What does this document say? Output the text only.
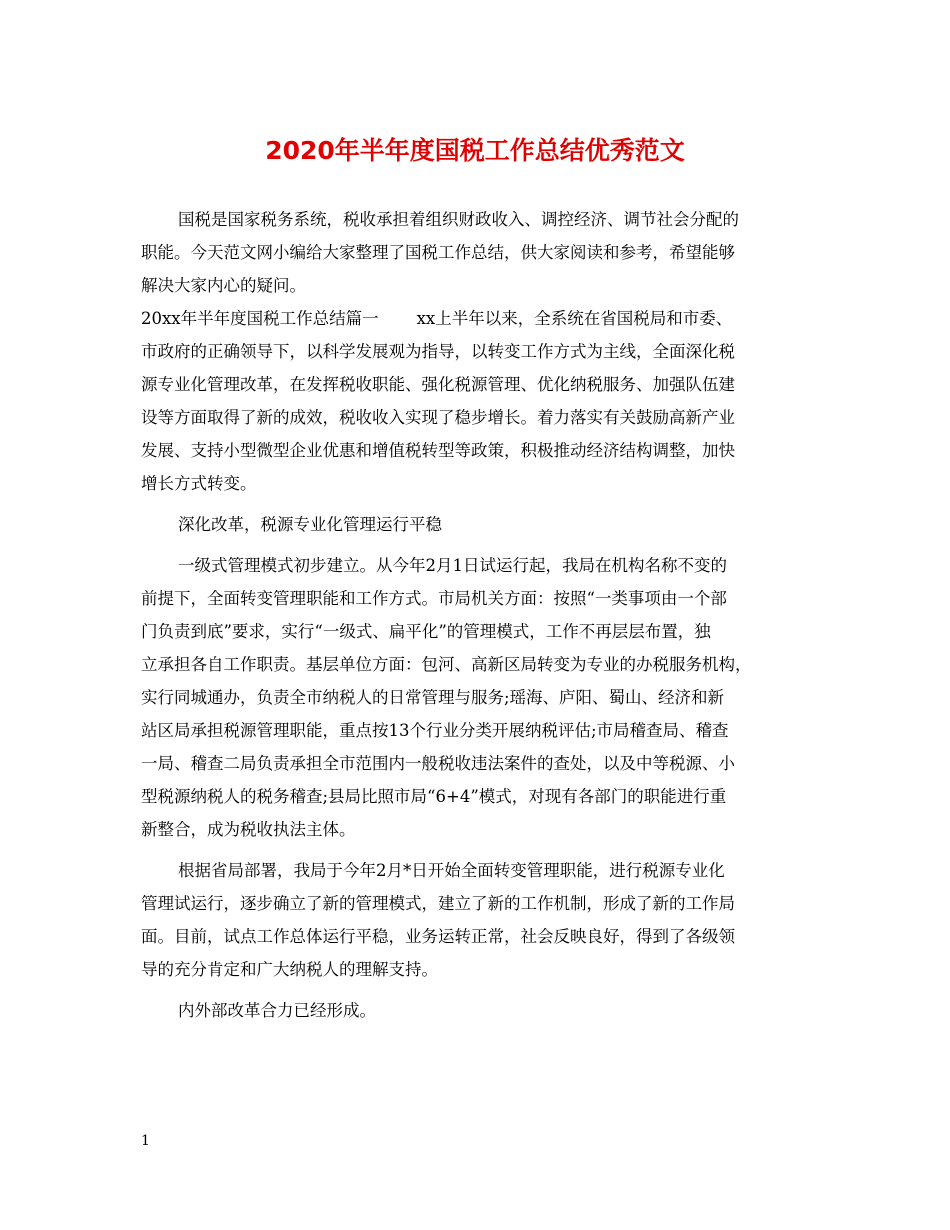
2020年半年度国税工作总结优秀范文
国税是国家税务系统，税收承担着组织财政收入、调控经济、调节社会分配的
职能。今天范文网小编给大家整理了国税工作总结，供大家阅读和参考，希望能够
解决大家内心的疑问。
20xx年半年度国税工作总结篇一 xx上半年以来，全系统在省国税局和市委、
市政府的正确领导下，以科学发展观为指导，以转变工作方式为主线，全面深化税
源专业化管理改革，在发挥税收职能、强化税源管理、优化纳税服务、加强队伍建
设等方面取得了新的成效，税收收入实现了稳步增长。着力落实有关鼓励高新产业
发展、支持小型微型企业优惠和增值税转型等政策，积极推动经济结构调整，加快
增长方式转变。
深化改革，税源专业化管理运行平稳
一级式管理模式初步建立。从今年2月1日试运行起，我局在机构名称不变的
前提下，全面转变管理职能和工作方式。市局机关方面：按照“一类事项由一个部
门负责到底”要求，实行“一级式、扁平化”的管理模式，工作不再层层布置，独
立承担各自工作职责。基层单位方面：包河、高新区局转变为专业的办税服务机构，
实行同城通办，负责全市纳税人的日常管理与服务;瑶海、庐阳、蜀山、经济和新
站区局承担税源管理职能，重点按13个行业分类开展纳税评估;市局稽查局、稽查
一局、稽查二局负责承担全市范围内一般税收违法案件的查处，以及中等税源、小
型税源纳税人的税务稽查;县局比照市局“6+4”模式，对现有各部门的职能进行重
新整合，成为税收执法主体。
根据省局部署，我局于今年2月*日开始全面转变管理职能，进行税源专业化
管理试运行，逐步确立了新的管理模式，建立了新的工作机制，形成了新的工作局
面。目前，试点工作总体运行平稳，业务运转正常，社会反映良好，得到了各级领
导的充分肯定和广大纳税人的理解支持。
内外部改革合力已经形成。
1
